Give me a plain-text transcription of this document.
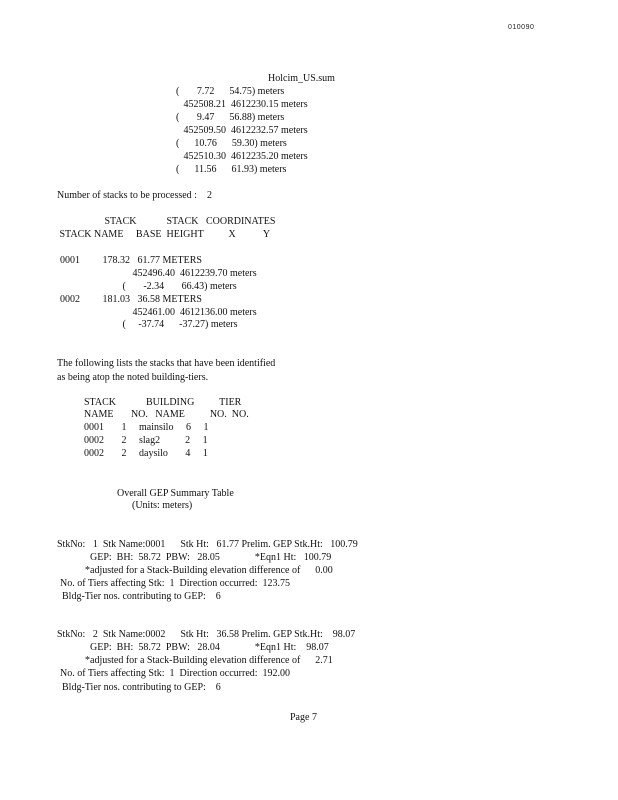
010090
Holcim_US.sum
(       7.72      54.75) meters
452508.21  4612230.15 meters
(       9.47      56.88) meters
452509.50  4612232.57 meters
(      10.76      59.30) meters
452510.30  4612235.20 meters
(      11.56      61.93) meters
Number of stacks to be processed :    2
STACK            STACK   COORDINATES
STACK NAME     BASE  HEIGHT          X           Y
0001         178.32   61.77 METERS
452496.40  4612239.70 meters
(       -2.34       66.43) meters
0002         181.03   36.58 METERS
452461.00  4612136.00 meters
(     -37.74      -37.27) meters
The following lists the stacks that have been identified
as being atop the noted building-tiers.
STACK            BUILDING          TIER
NAME       NO.   NAME          NO.  NO.
0001       1     mainsilo     6     1
0002       2     slag2          2     1
0002       2     daysilo       4     1
Overall GEP Summary Table
(Units: meters)
StkNo:   1  Stk Name:0001      Stk Ht:   61.77 Prelim. GEP Stk.Ht:   100.79
GEP:  BH:  58.72  PBW:   28.05              *Eqn1 Ht:   100.79
*adjusted for a Stack-Building elevation difference of      0.00
No. of Tiers affecting Stk:  1  Direction occurred:  123.75
Bldg-Tier nos. contributing to GEP:    6
StkNo:   2  Stk Name:0002      Stk Ht:   36.58 Prelim. GEP Stk.Ht:    98.07
GEP:  BH:  58.72  PBW:   28.04              *Eqn1 Ht:    98.07
*adjusted for a Stack-Building elevation difference of      2.71
No. of Tiers affecting Stk:  1  Direction occurred:  192.00
Bldg-Tier nos. contributing to GEP:    6
Page 7
